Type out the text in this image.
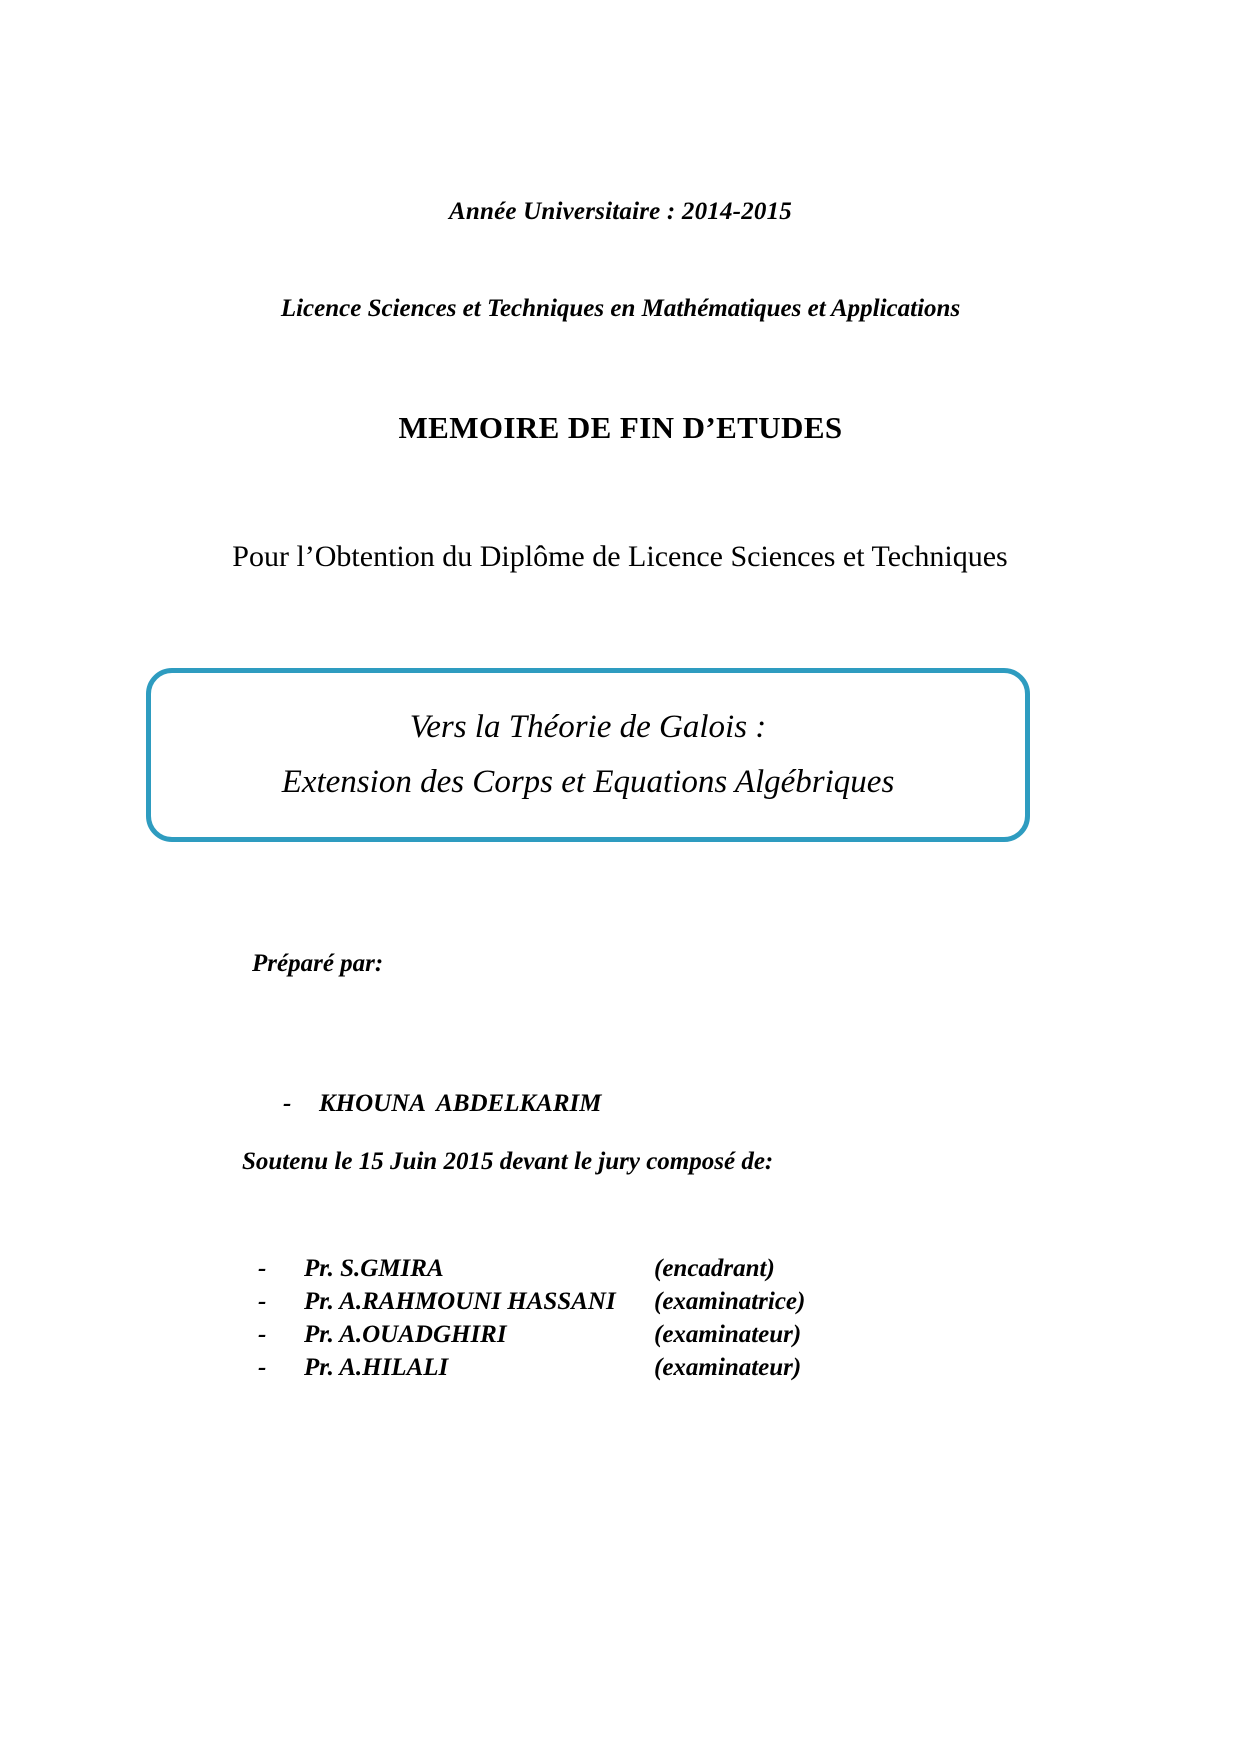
Année Universitaire : 2014-2015
Licence Sciences et Techniques en Mathématiques et Applications
MEMOIRE DE FIN D’ETUDES
Pour l’Obtention du Diplôme de Licence Sciences et Techniques
Vers la Théorie de Galois :
Extension des Corps et Equations Algébriques
Préparé par:

- KHOUNA  ABDELKARIM

Soutenu le 15 Juin 2015 devant le jury composé de:
-	Pr. S.GMIRA	(encadrant)
-	Pr. A.RAHMOUNI HASSANI	(examinatrice)
-	Pr. A.OUADGHIRI	(examinateur)
-	Pr. A.HILALI	(examinateur)
